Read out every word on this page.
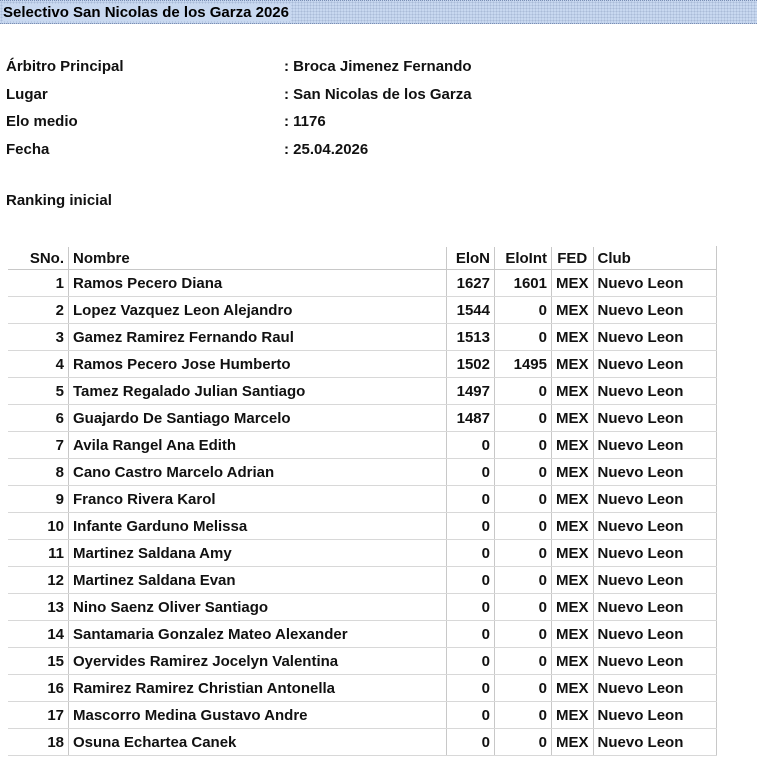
Selectivo San Nicolas de los Garza 2026
Árbitro Principal	: Broca Jimenez Fernando
Lugar	: San Nicolas de los Garza
Elo medio	: 1176
Fecha	: 25.04.2026
Ranking inicial
SNo.	Nombre	EloN	EloInt	FED	Club
1	Ramos Pecero Diana	1627	1601	MEX	Nuevo Leon
2	Lopez Vazquez Leon Alejandro	1544	0	MEX	Nuevo Leon
3	Gamez Ramirez Fernando Raul	1513	0	MEX	Nuevo Leon
4	Ramos Pecero Jose Humberto	1502	1495	MEX	Nuevo Leon
5	Tamez Regalado Julian Santiago	1497	0	MEX	Nuevo Leon
6	Guajardo De Santiago Marcelo	1487	0	MEX	Nuevo Leon
7	Avila Rangel Ana Edith	0	0	MEX	Nuevo Leon
8	Cano Castro Marcelo Adrian	0	0	MEX	Nuevo Leon
9	Franco Rivera Karol	0	0	MEX	Nuevo Leon
10	Infante Garduno Melissa	0	0	MEX	Nuevo Leon
11	Martinez Saldana Amy	0	0	MEX	Nuevo Leon
12	Martinez Saldana Evan	0	0	MEX	Nuevo Leon
13	Nino Saenz Oliver Santiago	0	0	MEX	Nuevo Leon
14	Santamaria Gonzalez Mateo Alexander	0	0	MEX	Nuevo Leon
15	Oyervides Ramirez Jocelyn Valentina	0	0	MEX	Nuevo Leon
16	Ramirez Ramirez Christian Antonella	0	0	MEX	Nuevo Leon
17	Mascorro Medina Gustavo Andre	0	0	MEX	Nuevo Leon
18	Osuna Echartea Canek	0	0	MEX	Nuevo Leon
